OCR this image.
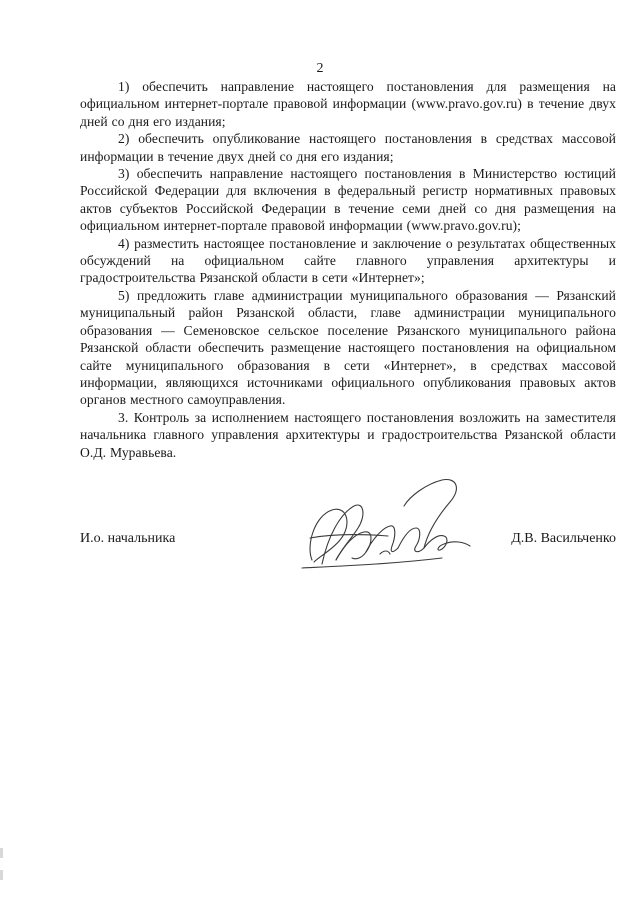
2

1) обеспечить направление настоящего постановления для размещения на официальном интернет-портале правовой информации (www.pravo.gov.ru) в течение двух дней со дня его издания;

2) обеспечить опубликование настоящего постановления в средствах массовой информации в течение двух дней со дня его издания;

3) обеспечить направление настоящего постановления в Министерство юстиций Российской Федерации для включения в федеральный регистр нормативных правовых актов субъектов Российской Федерации в течение семи дней со дня размещения на официальном интернет-портале правовой информации (www.pravo.gov.ru);

4) разместить настоящее постановление и заключение о результатах общественных обсуждений на официальном сайте главного управления архитектуры и градостроительства Рязанской области в сети «Интернет»;

5) предложить главе администрации муниципального образования — Рязанский муниципальный район Рязанской области, главе администрации муниципального образования — Семеновское сельское поселение Рязанского муниципального района Рязанской области обеспечить размещение настоящего постановления на официальном сайте муниципального образования в сети «Интернет», в средствах массовой информации, являющихся источниками официального опубликования правовых актов органов местного самоуправления.

3. Контроль за исполнением настоящего постановления возложить на заместителя начальника главного управления архитектуры и градостроительства Рязанской области О.Д. Муравьева.

И.о. начальника	Д.В. Васильченко
